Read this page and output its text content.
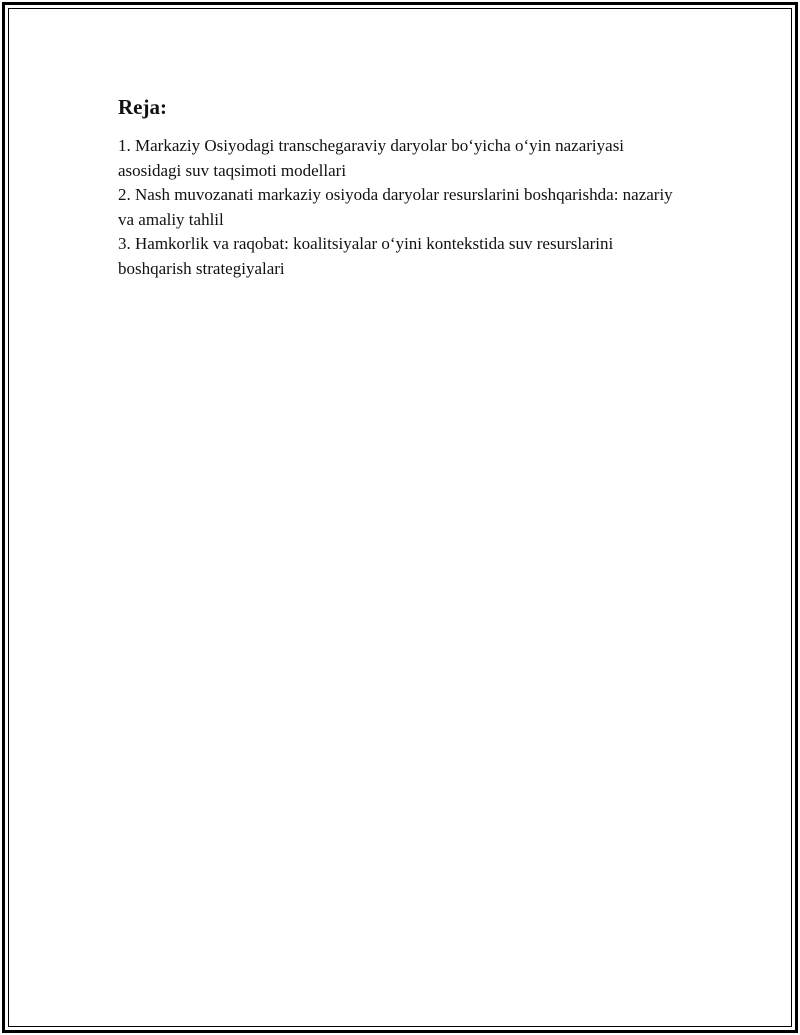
Reja:
1. Markaziy Osiyodagi transchegaraviy daryolar bo‘yicha o‘yin nazariyasi asosidagi suv taqsimoti modellari
2. Nash muvozanati markaziy osiyoda daryolar resurslarini boshqarishda: nazariy va amaliy tahlil
3. Hamkorlik va raqobat: koalitsiyalar o‘yini kontekstida suv resurslarini boshqarish strategiyalari
